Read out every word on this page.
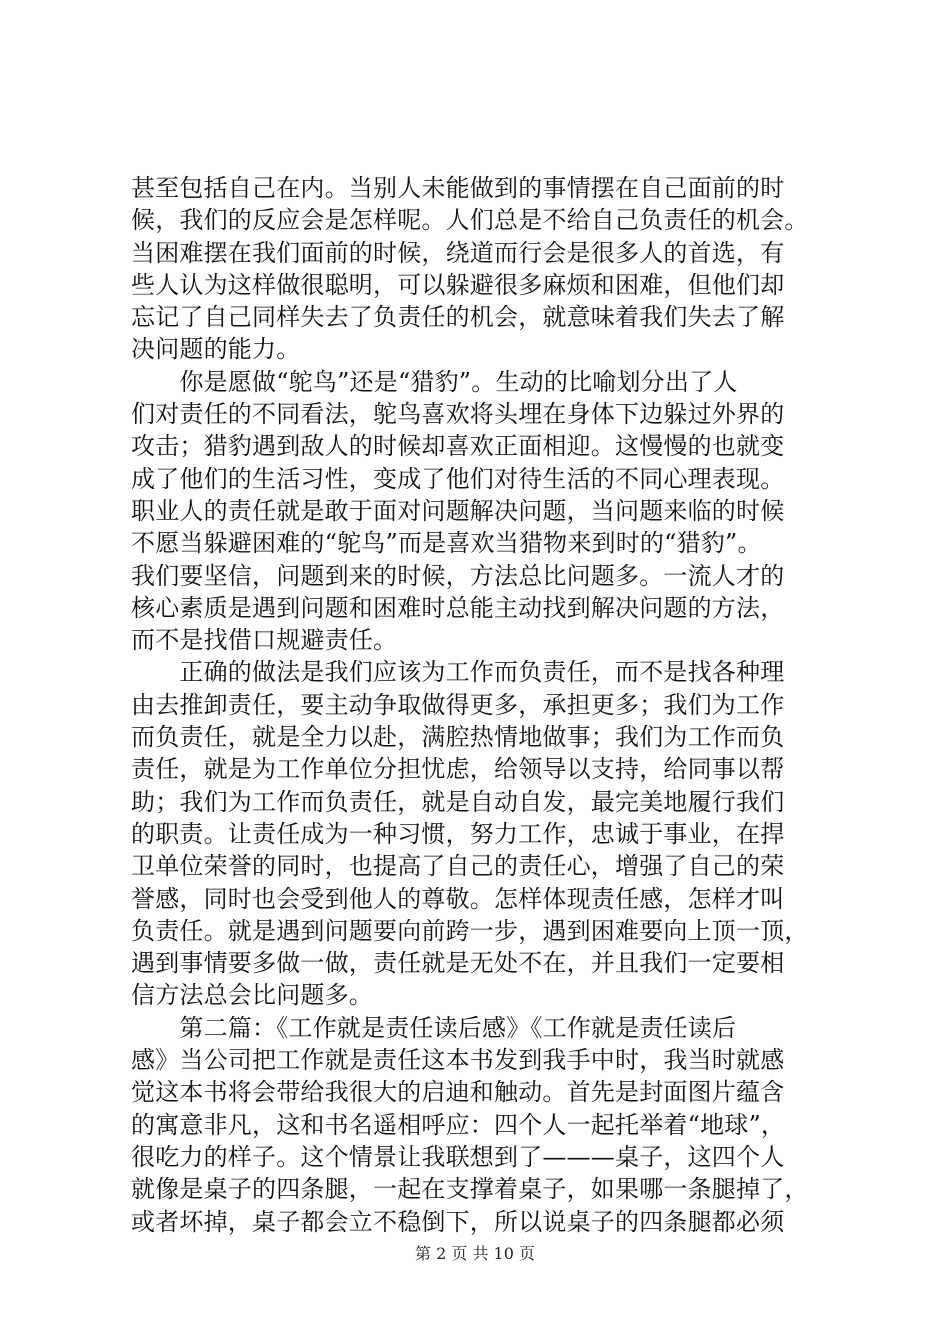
甚至包括自己在内。当别人未能做到的事情摆在自己面前的时
候，我们的反应会是怎样呢。人们总是不给自己负责任的机会。
当困难摆在我们面前的时候，绕道而行会是很多人的首选，有
些人认为这样做很聪明，可以躲避很多麻烦和困难，但他们却
忘记了自己同样失去了负责任的机会，就意味着我们失去了解
决问题的能力。
　　你是愿做“鸵鸟”还是“猎豹”。生动的比喻划分出了人
们对责任的不同看法，鸵鸟喜欢将头埋在身体下边躲过外界的
攻击；猎豹遇到敌人的时候却喜欢正面相迎。这慢慢的也就变
成了他们的生活习性，变成了他们对待生活的不同心理表现。
职业人的责任就是敢于面对问题解决问题，当问题来临的时候
不愿当躲避困难的“鸵鸟”而是喜欢当猎物来到时的“猎豹”。
我们要坚信，问题到来的时候，方法总比问题多。一流人才的
核心素质是遇到问题和困难时总能主动找到解决问题的方法，
而不是找借口规避责任。
　　正确的做法是我们应该为工作而负责任，而不是找各种理
由去推卸责任，要主动争取做得更多，承担更多；我们为工作
而负责任，就是全力以赴，满腔热情地做事；我们为工作而负
责任，就是为工作单位分担忧虑，给领导以支持，给同事以帮
助；我们为工作而负责任，就是自动自发，最完美地履行我们
的职责。让责任成为一种习惯，努力工作，忠诚于事业，在捍
卫单位荣誉的同时，也提高了自己的责任心，增强了自己的荣
誉感，同时也会受到他人的尊敬。怎样体现责任感，怎样才叫
负责任。就是遇到问题要向前跨一步，遇到困难要向上顶一顶，
遇到事情要多做一做，责任就是无处不在，并且我们一定要相
信方法总会比问题多。
　　第二篇：《工作就是责任读后感》《工作就是责任读后
感》当公司把工作就是责任这本书发到我手中时，我当时就感
觉这本书将会带给我很大的启迪和触动。首先是封面图片蕴含
的寓意非凡，这和书名遥相呼应：四个人一起托举着“地球”，
很吃力的样子。这个情景让我联想到了———桌子，这四个人
就像是桌子的四条腿，一起在支撑着桌子，如果哪一条腿掉了，
或者坏掉，桌子都会立不稳倒下，所以说桌子的四条腿都必须
第 2 页 共 10 页
